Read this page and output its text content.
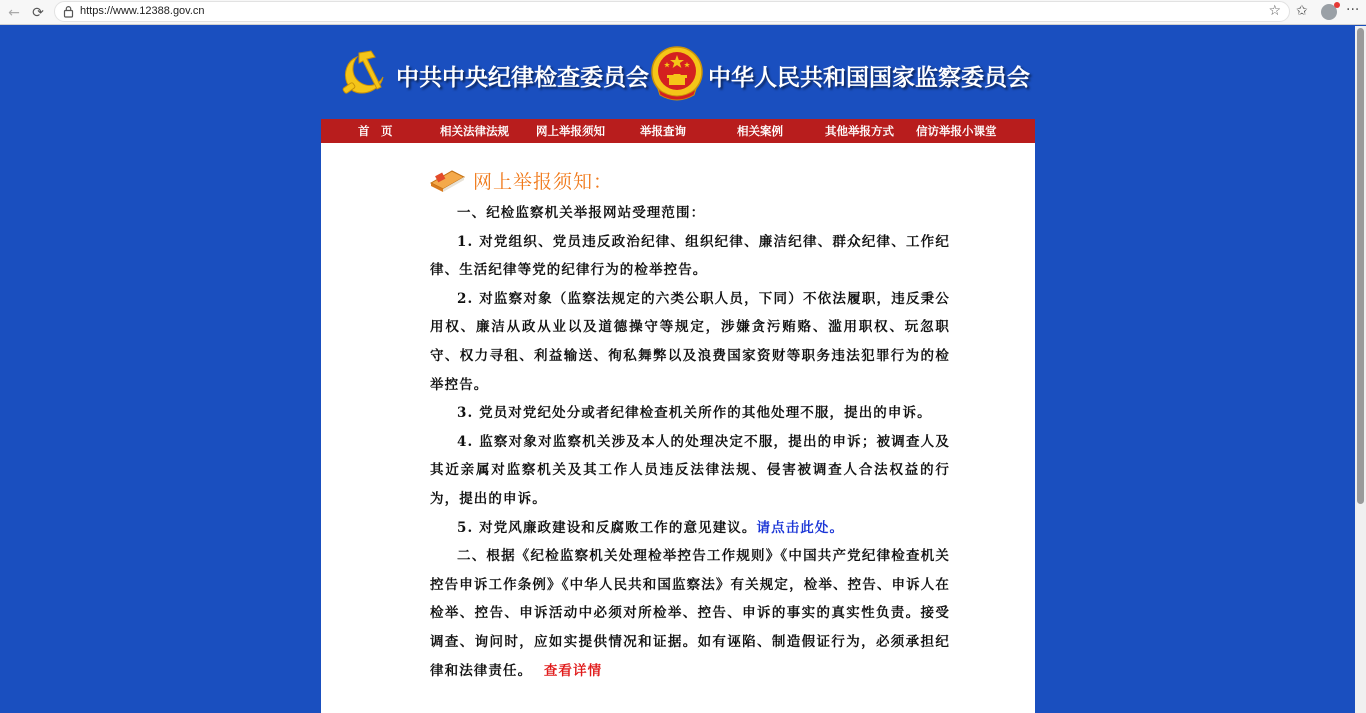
← ⟳	https://www.12388.gov.cn	☆ ✩	···
中共中央纪律检查委员会	中华人民共和国国家监察委员会
首　页	相关法律法规 网上举报须知	举报查询	相关案例	其他举报方式 信访举报小课堂
网上举报须知：

一、纪检监察机关举报网站受理范围：

1. 对党组织、党员违反政治纪律、组织纪律、廉洁纪律、群众纪律、工作纪律、生活纪律等党的纪律行为的检举控告。

2. 对监察对象（监察法规定的六类公职人员，下同）不依法履职，违反秉公用权、廉洁从政从业以及道德操守等规定，涉嫌贪污贿赂、滥用职权、玩忽职守、权力寻租、利益输送、徇私舞弊以及浪费国家资财等职务违法犯罪行为的检举控告。

3. 党员对党纪处分或者纪律检查机关所作的其他处理不服，提出的申诉。

4. 监察对象对监察机关涉及本人的处理决定不服，提出的申诉；被调查人及其近亲属对监察机关及其工作人员违反法律法规、侵害被调查人合法权益的行为，提出的申诉。

5. 对党风廉政建设和反腐败工作的意见建议。请点击此处。

二、根据《纪检监察机关处理检举控告工作规则》《中国共产党纪律检查机关控告申诉工作条例》《中华人民共和国监察法》有关规定，检举、控告、申诉人在检举、控告、申诉活动中必须对所检举、控告、申诉的事实的真实性负责。接受调查、询问时，应如实提供情况和证据。如有诬陷、制造假证行为，必须承担纪律和法律责任。 查看详情
